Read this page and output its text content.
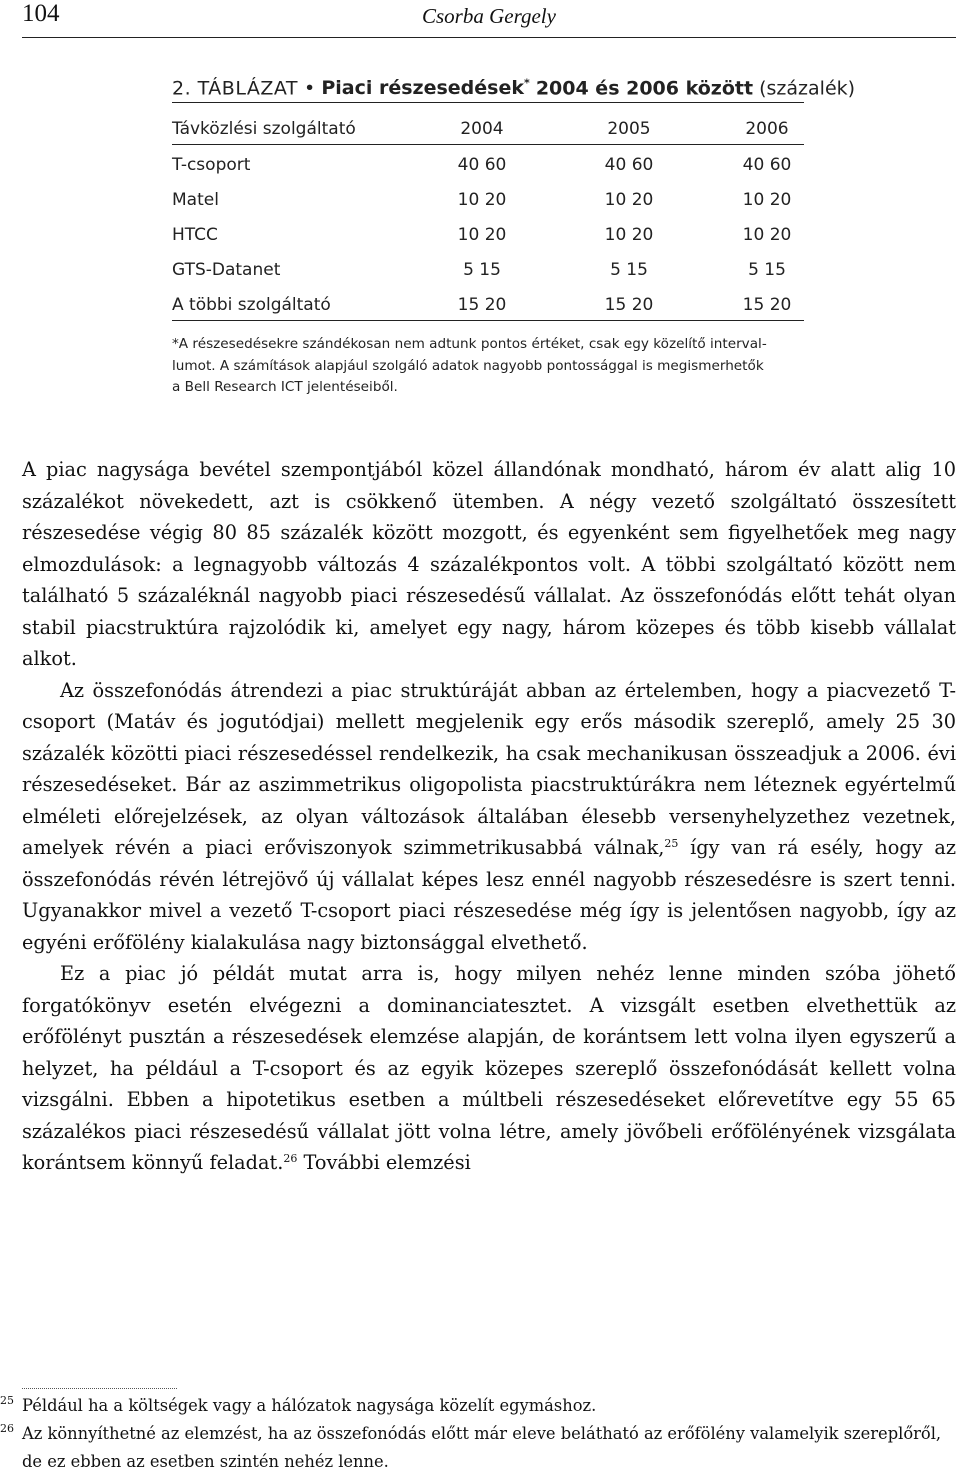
104	Csorba Gergely
2. TÁBLÁZAT • Piaci részesedések* 2004 és 2006 között (százalék)
Távközlési szolgáltató	2004	2005	2006
T-csoport	40 60	40 60	40 60
Matel	10 20	10 20	10 20
HTCC	10 20	10 20	10 20
GTS-Datanet	5 15	5 15	5 15
A többi szolgáltató	15 20	15 20	15 20

*A részesedésekre szándékosan nem adtunk pontos értéket, csak egy közelítő interval-

lumot. A számítások alapjául szolgáló adatok nagyobb pontossággal is megismerhetők

a Bell Research ICT jelentéseiből.

A piac nagysága bevétel szempontjából közel állandónak mondható, három év alatt alig 10 százalékot növekedett, azt is csökkenő ütemben. A négy vezető szolgáltató összesített részesedése végig 80 85 százalék között mozgott, és egyenként sem figyelhetőek meg nagy elmozdulások: a legnagyobb változás 4 százalékpontos volt. A többi szolgáltató között nem található 5 százaléknál nagyobb piaci részesedésű vállalat. Az összefonódás előtt tehát olyan stabil piacstruktúra rajzolódik ki, amelyet egy nagy, három közepes és több kisebb vállalat alkot.

Az összefonódás átrendezi a piac struktúráját abban az értelemben, hogy a piacvezető T-csoport (Matáv és jogutódjai) mellett megjelenik egy erős második szereplő, amely 25 30 százalék közötti piaci részesedéssel rendelkezik, ha csak mechanikusan összeadjuk a 2006. évi részesedéseket. Bár az aszimmetrikus oligopolista piacstruktúrákra nem léteznek egyértelmű elméleti előrejelzések, az olyan változások általában élesebb versenyhelyzethez vezetnek, amelyek révén a piaci erőviszonyok szimmetrikusabbá válnak,$^{25}$ így van rá esély, hogy az összefonódás révén létrejövő új vállalat képes lesz ennél nagyobb részesedésre is szert tenni. Ugyanakkor mivel a vezető T-csoport piaci részesedése még így is jelentősen nagyobb, így az egyéni erőfölény kialakulása nagy biztonsággal elvethető.

Ez a piac jó példát mutat arra is, hogy milyen nehéz lenne minden szóba jöhető forgatókönyv esetén elvégezni a dominanciatesztet. A vizsgált esetben elvethettük az erőfölényt pusztán a részesedések elemzése alapján, de korántsem lett volna ilyen egyszerű a helyzet, ha például a T-csoport és az egyik közepes szereplő összefonódását kellett volna vizsgálni. Ebben a hipotetikus esetben a múltbeli részesedéseket előrevetítve egy 55 65 százalékos piaci részesedésű vállalat jött volna létre, amely jövőbeli erőfölényének vizsgálata korántsem könnyű feladat.$^{26}$ További elemzési

25 Például ha a költségek vagy a hálózatok nagysága közelít egymáshoz.
26 Az könnyíthetné az elemzést, ha az összefonódás előtt már eleve belátható az erőfölény valamelyik szereplőről, de ez ebben az esetben szintén nehéz lenne.
